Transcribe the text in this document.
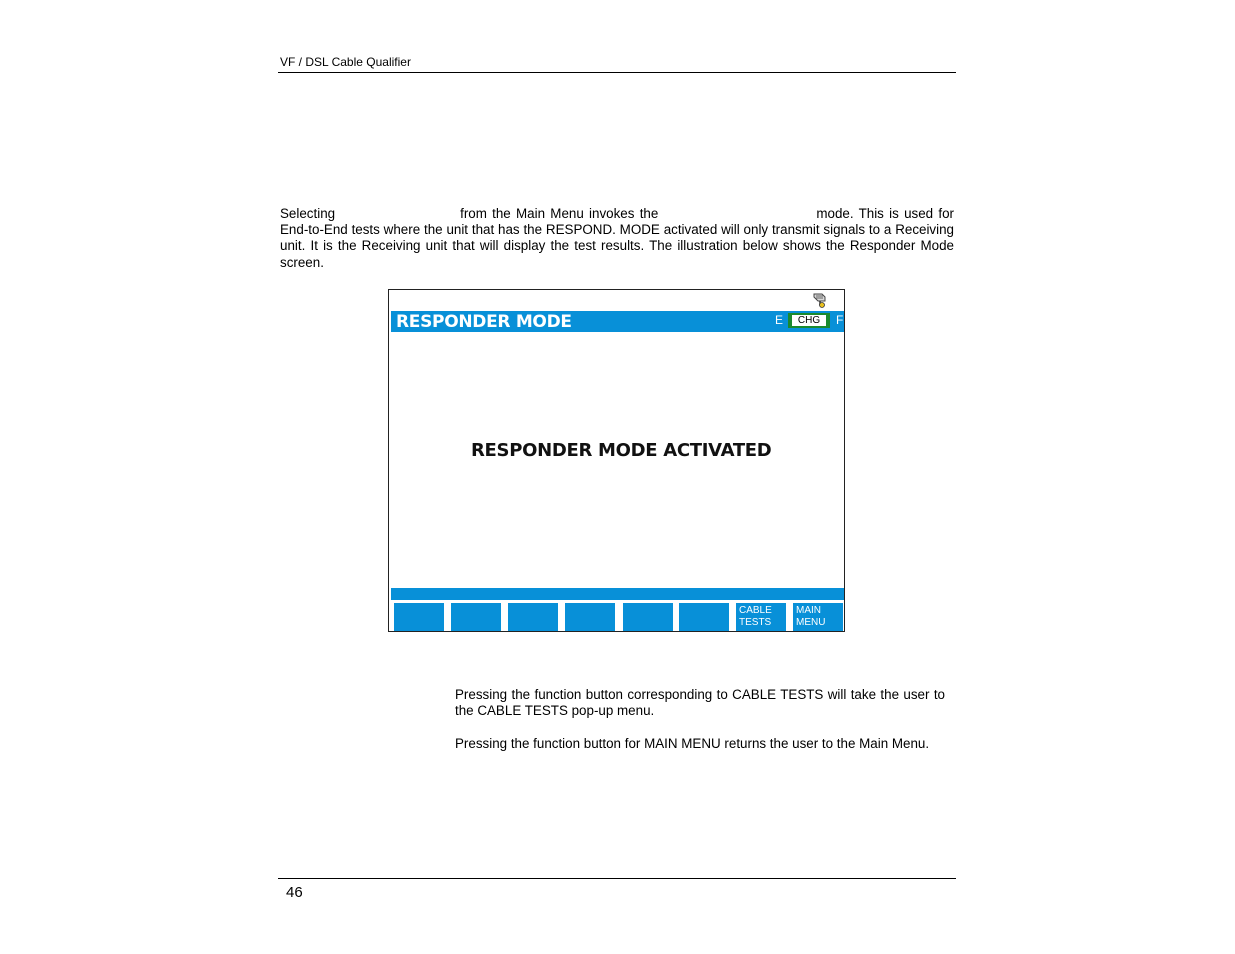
VF / DSL Cable Qualifier

Selecting	from the Main Menu invokes the	mode. This is used for End-to-End tests where the unit that has the RESPOND. MODE activated will only transmit signals to a Receiving unit. It is the Receiving unit that will display the test results. The illustration below shows the Responder Mode screen.

RESPONDER MODE	E	CHG	F
RESPONDER MODE ACTIVATED
CABLE
TESTS
MAIN
MENU

Pressing the function button corresponding to CABLE TESTS will take the user to the CABLE TESTS pop-up menu.

Pressing the function button for MAIN MENU returns the user to the Main Menu.

46
